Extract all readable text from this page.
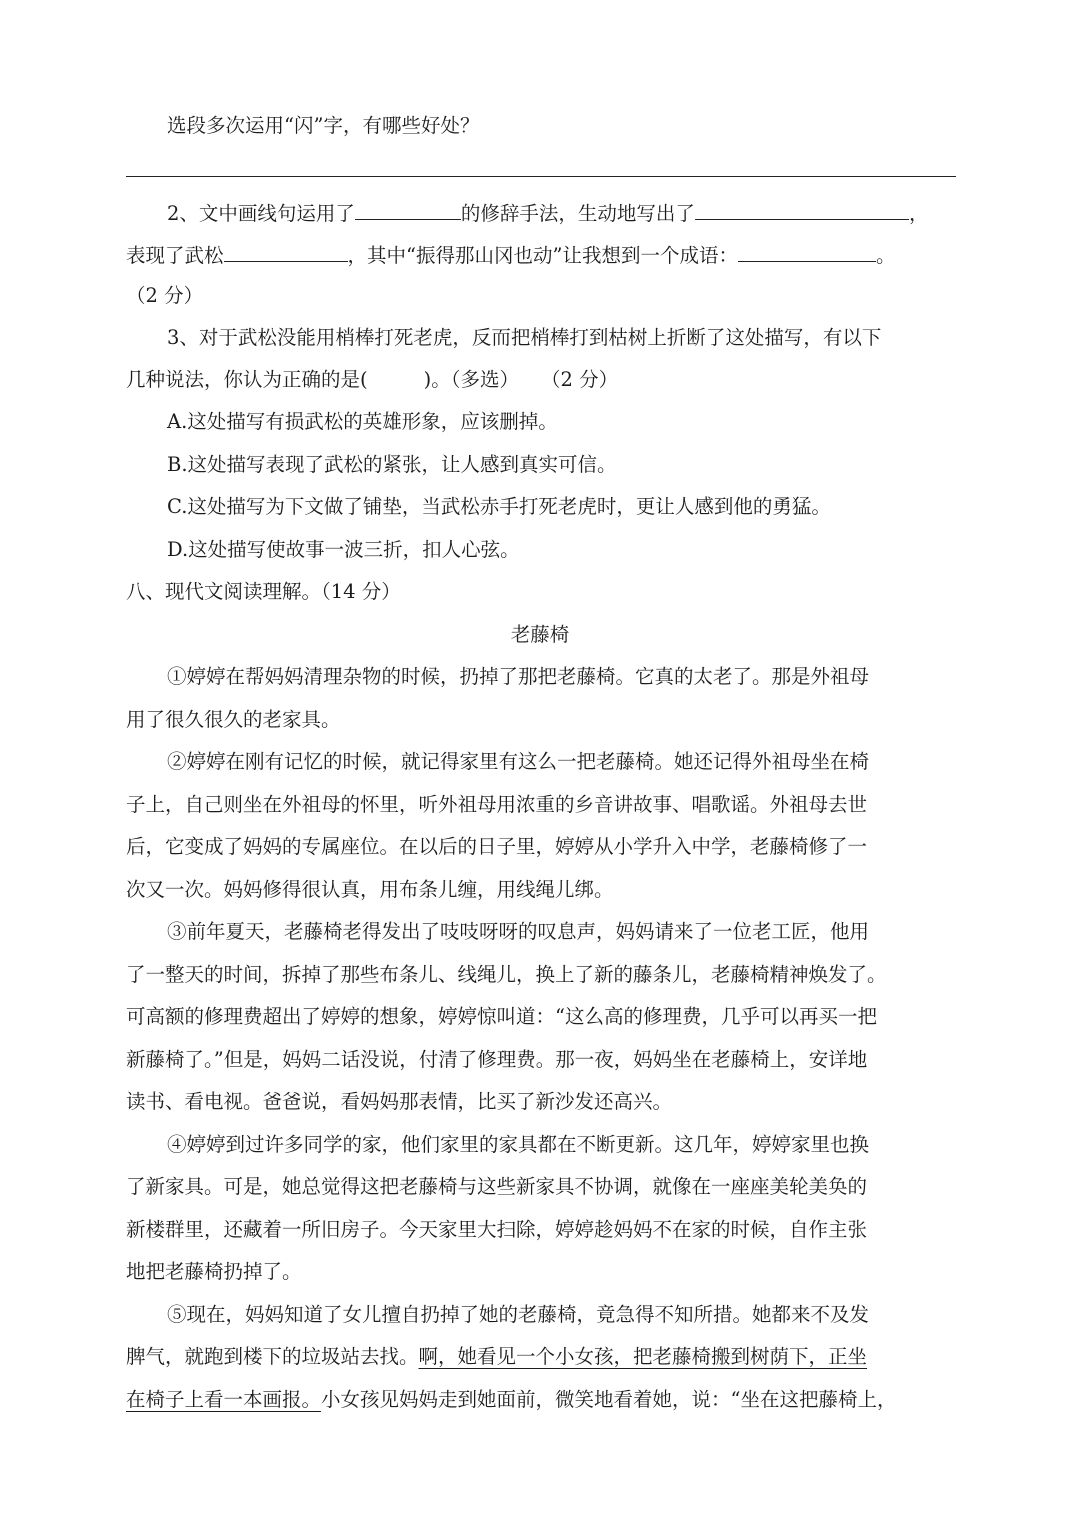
选段多次运用“闪”字，有哪些好处？
2、文中画线句运用了	的修辞手法，生动地写出了	，
表现了武松	，其中“振得那山冈也动”让我想到一个成语：	。
（2 分）
3、对于武松没能用梢棒打死老虎，反而把梢棒打到枯树上折断了这处描写，有以下
几种说法，你认为正确的是(	)。（多选） （2 分）
A.这处描写有损武松的英雄形象，应该删掉。
B.这处描写表现了武松的紧张，让人感到真实可信。
C.这处描写为下文做了铺垫，当武松赤手打死老虎时，更让人感到他的勇猛。
D.这处描写使故事一波三折，扣人心弦。
八、现代文阅读理解。（14 分）
老藤椅
①婷婷在帮妈妈清理杂物的时候，扔掉了那把老藤椅。它真的太老了。那是外祖母
用了很久很久的老家具。
②婷婷在刚有记忆的时候，就记得家里有这么一把老藤椅。她还记得外祖母坐在椅
子上，自己则坐在外祖母的怀里，听外祖母用浓重的乡音讲故事、唱歌谣。外祖母去世
后，它变成了妈妈的专属座位。在以后的日子里，婷婷从小学升入中学，老藤椅修了一
次又一次。妈妈修得很认真，用布条儿缠，用线绳儿绑。
③前年夏天，老藤椅老得发出了吱吱呀呀的叹息声，妈妈请来了一位老工匠，他用
了一整天的时间，拆掉了那些布条儿、线绳儿，换上了新的藤条儿，老藤椅精神焕发了。
可高额的修理费超出了婷婷的想象，婷婷惊叫道：“这么高的修理费，几乎可以再买一把
新藤椅了。”但是，妈妈二话没说，付清了修理费。那一夜，妈妈坐在老藤椅上，安详地
读书、看电视。爸爸说，看妈妈那表情，比买了新沙发还高兴。
④婷婷到过许多同学的家，他们家里的家具都在不断更新。这几年，婷婷家里也换
了新家具。可是，她总觉得这把老藤椅与这些新家具不协调，就像在一座座美轮美奂的
新楼群里，还藏着一所旧房子。今天家里大扫除，婷婷趁妈妈不在家的时候，自作主张
地把老藤椅扔掉了。
⑤现在，妈妈知道了女儿擅自扔掉了她的老藤椅，竟急得不知所措。她都来不及发
脾气，就跑到楼下的垃圾站去找。啊，她看见一个小女孩，把老藤椅搬到树荫下，正坐
在椅子上看一本画报。小女孩见妈妈走到她面前，微笑地看着她，说：“坐在这把藤椅上，
